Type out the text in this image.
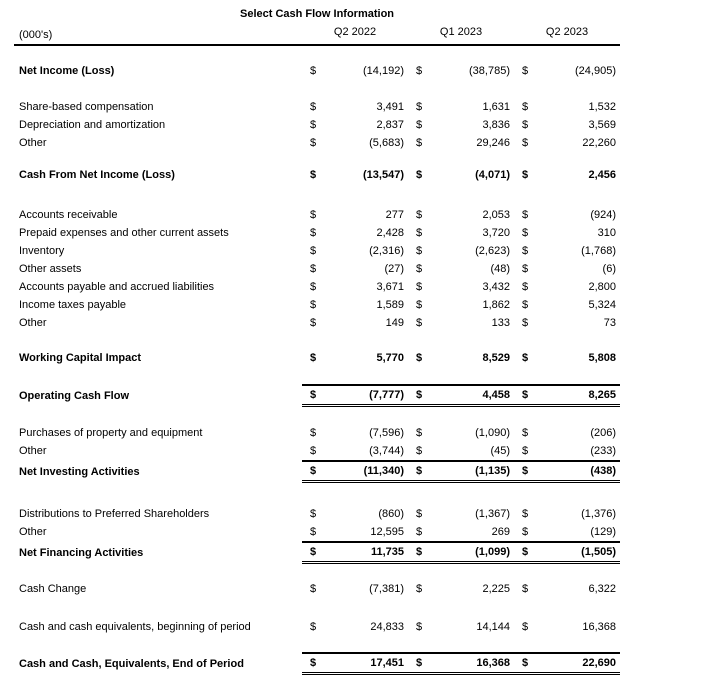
Select Cash Flow Information
(000's)	Q2 2022	Q1 2023	Q2 2023
Net Income (Loss)	$	(14,192)	$	(38,785)	$	(24,905)
Share-based compensation	$	3,491	$	1,631	$	1,532
Depreciation and amortization	$	2,837	$	3,836	$	3,569
Other	$	(5,683)	$	29,246	$	22,260
Cash From Net Income (Loss)	$	(13,547)	$	(4,071)	$	2,456
Accounts receivable	$	277	$	2,053	$	(924)
Prepaid expenses and other current assets	$	2,428	$	3,720	$	310
Inventory	$	(2,316)	$	(2,623)	$	(1,768)
Other assets	$	(27)	$	(48)	$	(6)
Accounts payable and accrued liabilities	$	3,671	$	3,432	$	2,800
Income taxes payable	$	1,589	$	1,862	$	5,324
Other	$	149	$	133	$	73
Working Capital Impact	$	5,770	$	8,529	$	5,808
Operating Cash Flow	$	(7,777)	$	4,458	$	8,265
Purchases of property and equipment	$	(7,596)	$	(1,090)	$	(206)
Other	$	(3,744)	$	(45)	$	(233)
Net Investing Activities	$	(11,340)	$	(1,135)	$	(438)
Distributions to Preferred Shareholders	$	(860)	$	(1,367)	$	(1,376)
Other	$	12,595	$	269	$	(129)
Net Financing Activities	$	11,735	$	(1,099)	$	(1,505)
Cash Change	$	(7,381)	$	2,225	$	6,322
Cash and cash equivalents, beginning of period	$	24,833	$	14,144	$	16,368
Cash and Cash, Equivalents, End of Period	$	17,451	$	16,368	$	22,690
